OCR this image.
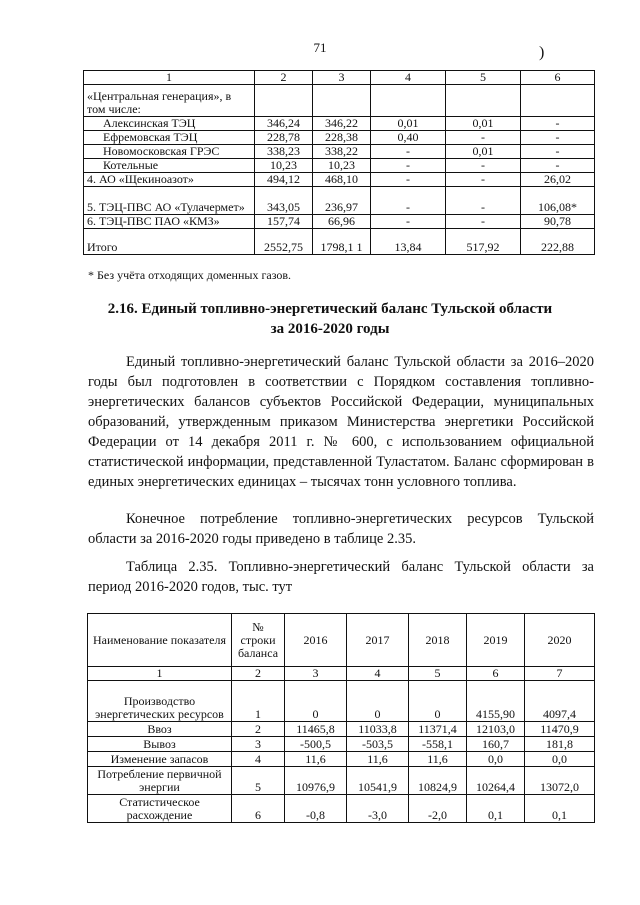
71	)
1	2	3	4	5	6
«Центральная генерация», в том числе:					
Алексинская ТЭЦ	346,24	346,22	0,01	0,01	-
Ефремовская ТЭЦ	228,78	228,38	0,40	-	-
Новомосковская ГРЭС	338,23	338,22	-	0,01	-
Котельные	10,23	10,23	-	-	-
4. АО «Щекиноазот»	494,12	468,10	-	-	26,02
5. ТЭЦ-ПВС АО «Тулачермет»	343,05	236,97	-	-	106,08*
6. ТЭЦ-ПВС ПАО «КМЗ»	157,74	66,96	-	-	90,78
Итого	2552,75	1798,1 1	13,84	517,92	222,88
* Без учёта отходящих доменных газов.
2.16. Единый топливно-энергетический баланс Тульской области
за 2016-2020 годы
Единый топливно-энергетический баланс Тульской области за 2016–2020 годы был подготовлен в соответствии с Порядком составления топливно-энергетических балансов субъектов Российской Федерации, муниципальных образований, утвержденным приказом Министерства энергетики Российской Федерации от 14 декабря 2011 г. № 600, с использованием официальной статистической информации, представленной Туластатом. Баланс сформирован в единых энергетических единицах – тысячах тонн условного топлива.
Конечное потребление топливно-энергетических ресурсов Тульской области за 2016-2020 годы приведено в таблице 2.35.
Таблица 2.35. Топливно-энергетический баланс Тульской области за период 2016-2020 годов, тыс. тут
Наименование показателя	№ строки баланса	2016	2017	2018	2019	2020
1	2	3	4	5	6	7
Производство энергетических ресурсов	1	0	0	0	4155,90	4097,4
Ввоз	2	11465,8	11033,8	11371,4	12103,0	11470,9
Вывоз	3	-500,5	-503,5	-558,1	160,7	181,8
Изменение запасов	4	11,6	11,6	11,6	0,0	0,0
Потребление первичной энергии	5	10976,9	10541,9	10824,9	10264,4	13072,0
Статистическое расхождение	6	-0,8	-3,0	-2,0	0,1	0,1
